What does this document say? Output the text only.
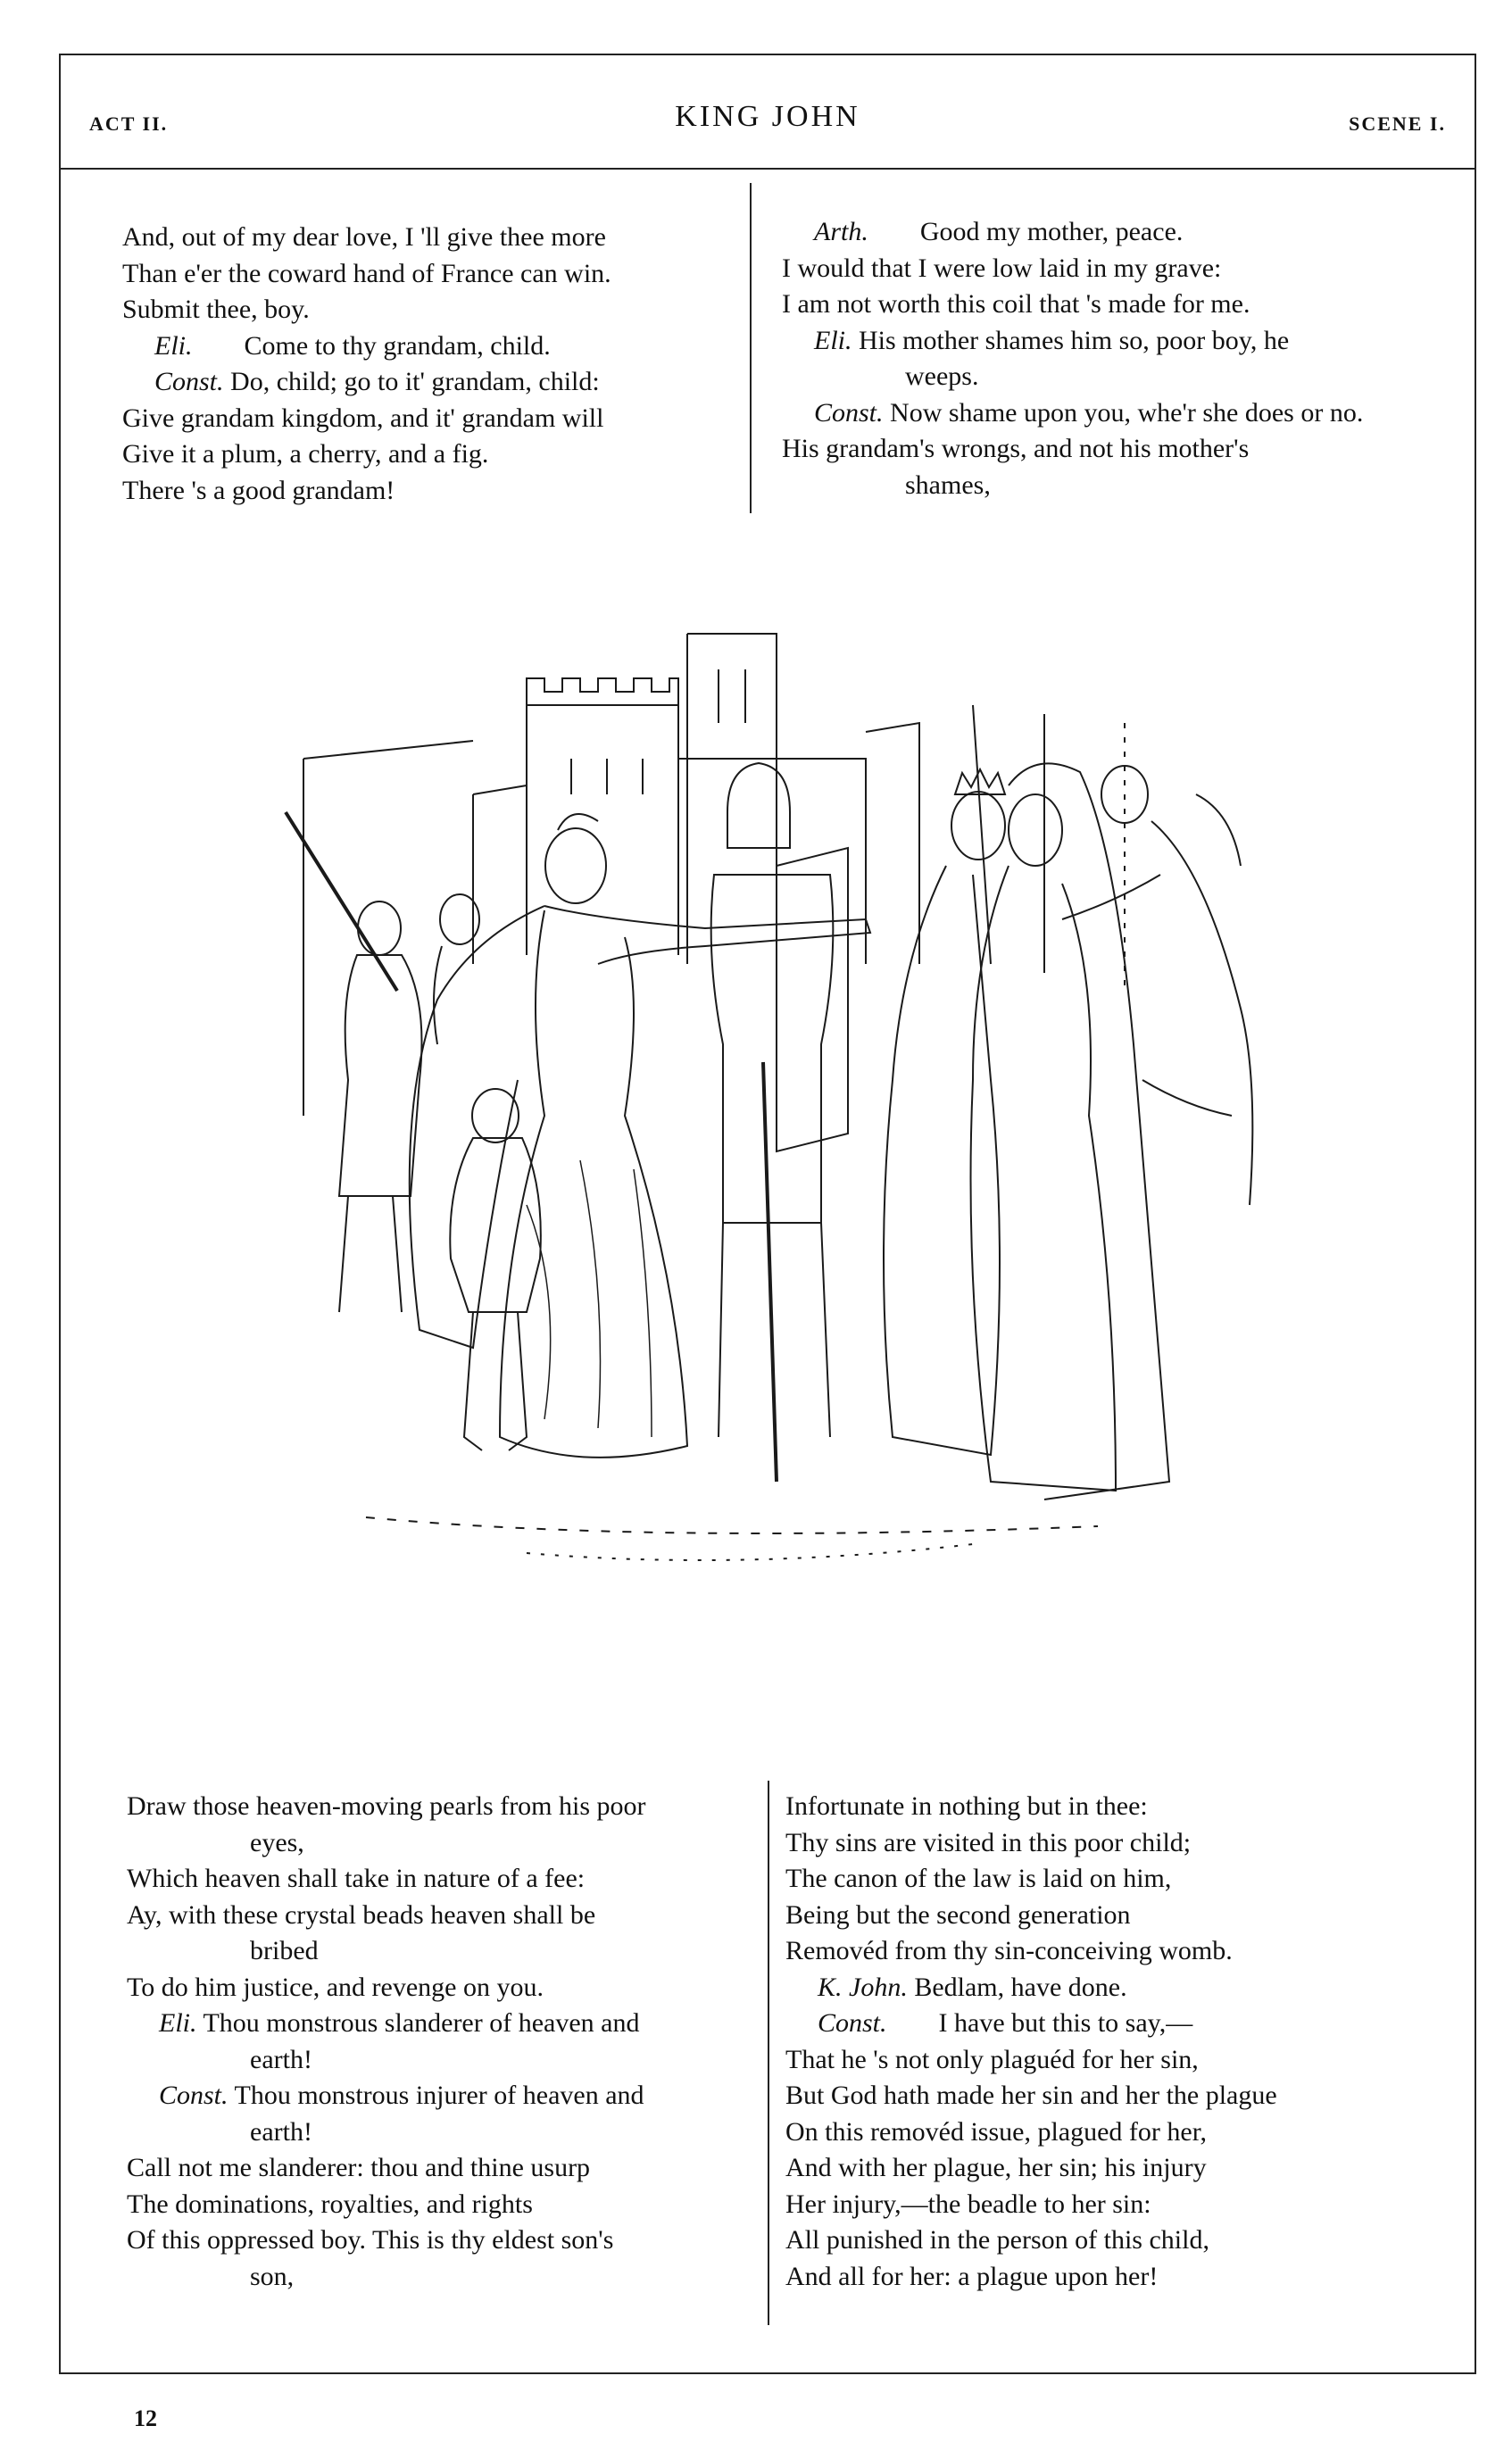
ACT II.	KING JOHN	SCENE I.
And, out of my dear love, I 'll give thee more
Than e'er the coward hand of France can win.
Submit thee, boy.
Eli. Come to thy grandam, child.
Const. Do, child; go to it' grandam, child:
Give grandam kingdom, and it' grandam will
Give it a plum, a cherry, and a fig.
There 's a good grandam!
Arth. Good my mother, peace.
I would that I were low laid in my grave:
I am not worth this coil that 's made for me.
Eli. His mother shames him so, poor boy, he
weeps.
Const. Now shame upon you, whe'r she does or no.
His grandam's wrongs, and not his mother's
shames,
Draw those heaven-moving pearls from his poor
eyes,
Which heaven shall take in nature of a fee:
Ay, with these crystal beads heaven shall be
bribed
To do him justice, and revenge on you.
Eli. Thou monstrous slanderer of heaven and
earth!
Const. Thou monstrous injurer of heaven and
earth!
Call not me slanderer: thou and thine usurp
The dominations, royalties, and rights
Of this oppressed boy. This is thy eldest son's
son,
Infortunate in nothing but in thee:
Thy sins are visited in this poor child;
The canon of the law is laid on him,
Being but the second generation
Removéd from thy sin-conceiving womb.
K. John. Bedlam, have done.
Const. I have but this to say,—
That he 's not only plaguéd for her sin,
But God hath made her sin and her the plague
On this removéd issue, plagued for her,
And with her plague, her sin; his injury
Her injury,—the beadle to her sin:
All punished in the person of this child,
And all for her: a plague upon her!
12
